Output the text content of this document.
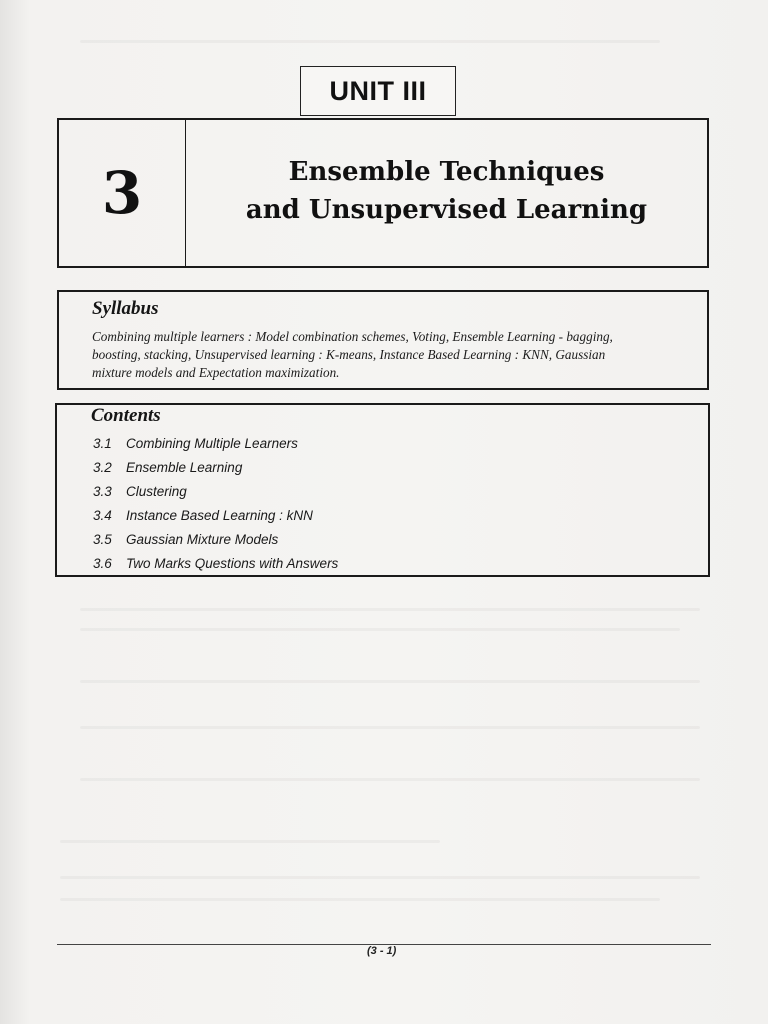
UNIT III
3	Ensemble Techniques
and Unsupervised Learning
Syllabus
Combining multiple learners : Model combination schemes, Voting, Ensemble Learning - bagging,
boosting, stacking, Unsupervised learning : K-means, Instance Based Learning : KNN, Gaussian
mixture models and Expectation maximization.
Contents
3.1	Combining Multiple Learners
3.2	Ensemble Learning
3.3	Clustering
3.4	Instance Based Learning : kNN
3.5	Gaussian Mixture Models
3.6	Two Marks Questions with Answers
(3 - 1)
